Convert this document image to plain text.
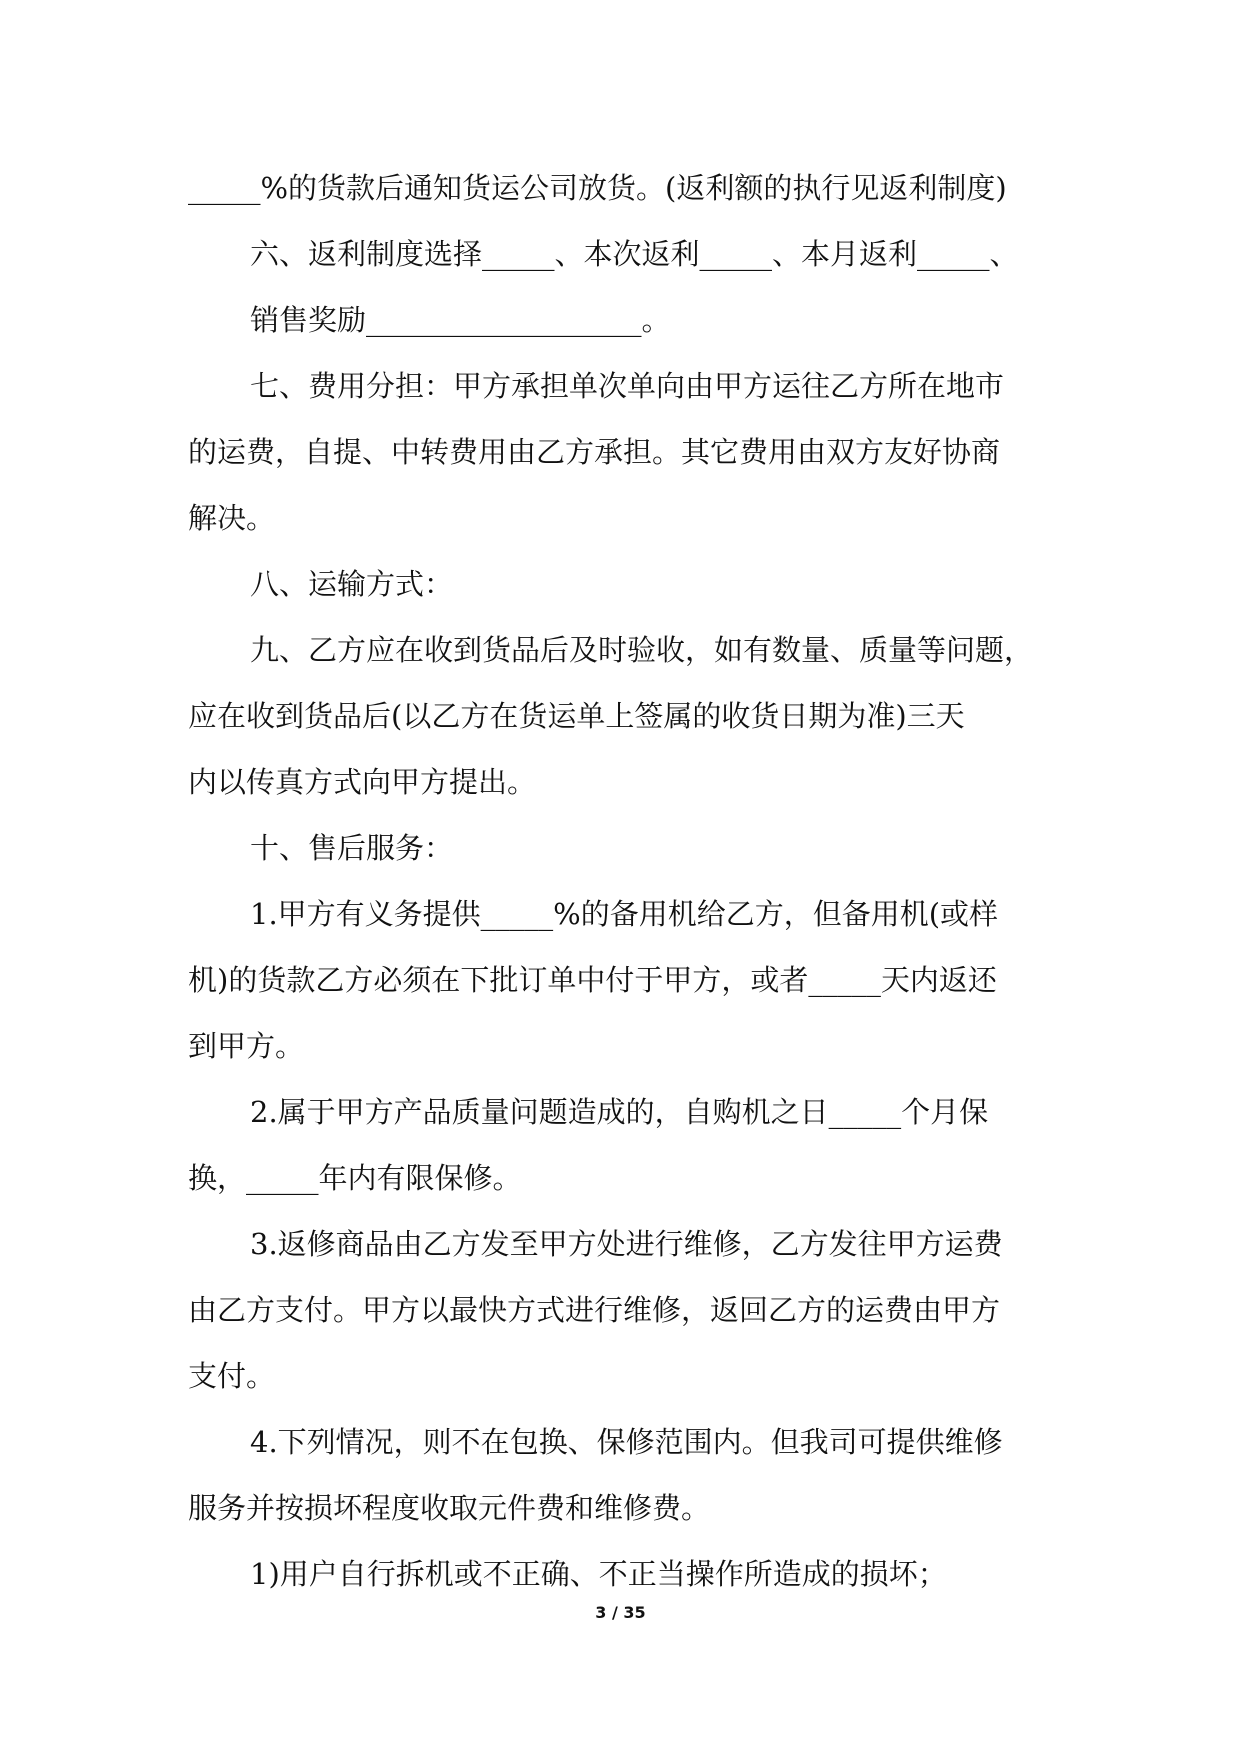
_____%的货款后通知货运公司放货。(返利额的执行见返利制度)
六、返利制度选择_____、本次返利_____、本月返利_____、
销售奖励___________________。
七、费用分担：甲方承担单次单向由甲方运往乙方所在地市
的运费，自提、中转费用由乙方承担。其它费用由双方友好协商
解决。
八、运输方式：
九、乙方应在收到货品后及时验收，如有数量、质量等问题，
应在收到货品后(以乙方在货运单上签属的收货日期为准)三天
内以传真方式向甲方提出。
十、售后服务：
1.甲方有义务提供_____%的备用机给乙方，但备用机(或样
机)的货款乙方必须在下批订单中付于甲方，或者_____天内返还
到甲方。
2.属于甲方产品质量问题造成的，自购机之日_____个月保
换，_____年内有限保修。
3.返修商品由乙方发至甲方处进行维修，乙方发往甲方运费
由乙方支付。甲方以最快方式进行维修，返回乙方的运费由甲方
支付。
4.下列情况，则不在包换、保修范围内。但我司可提供维修
服务并按损坏程度收取元件费和维修费。
1)用户自行拆机或不正确、不正当操作所造成的损坏；
3 / 35
